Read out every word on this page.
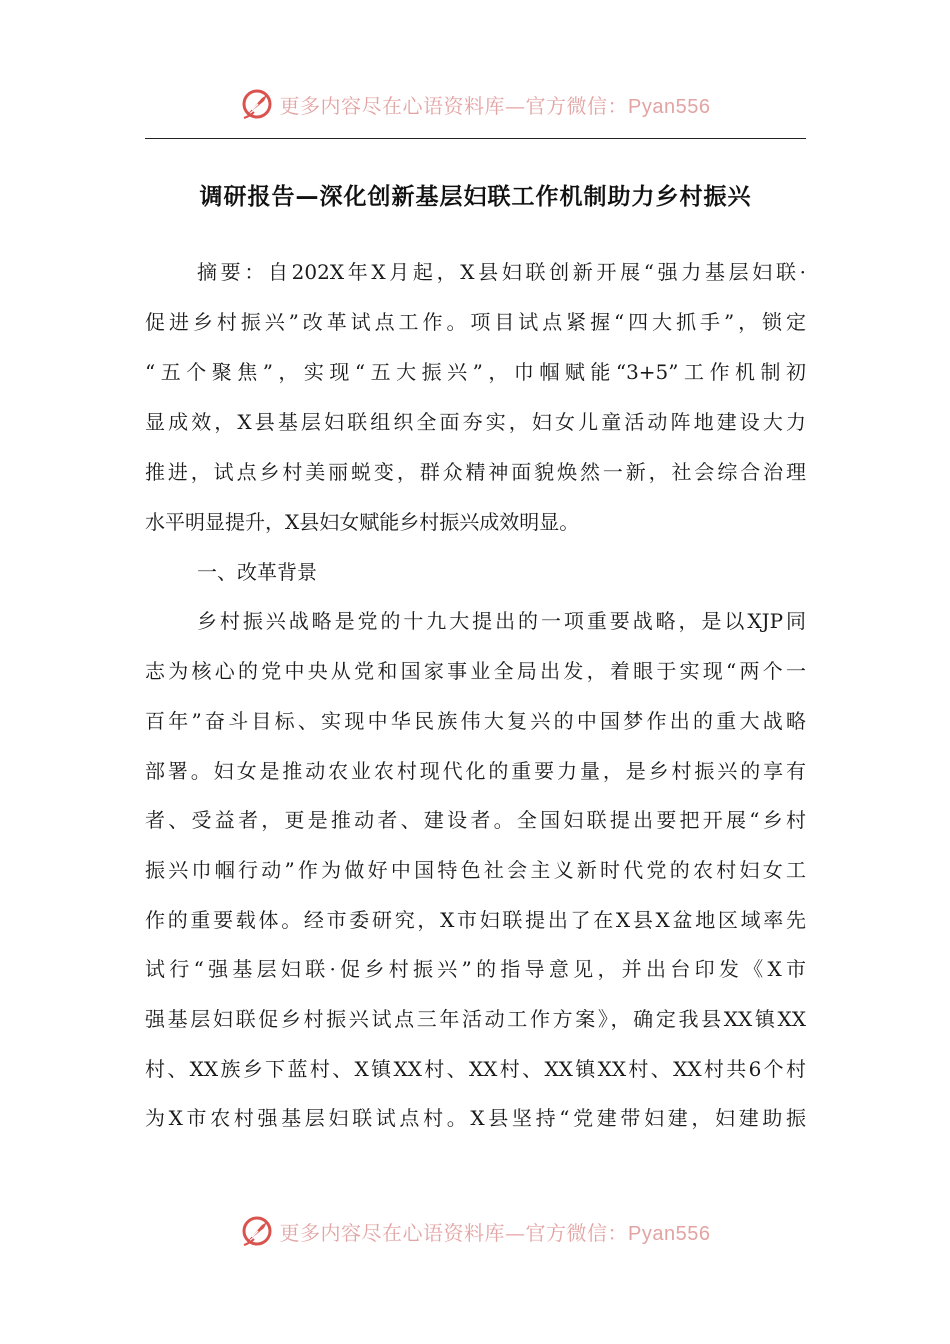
更多内容尽在心语资料库—官方微信：Pyan556
调研报告—深化创新基层妇联工作机制助力乡村振兴
摘要：自202X年X月起，X县妇联创新开展“强力基层妇联·
促进乡村振兴”改革试点工作。项目试点紧握“四大抓手”，锁定
“五个聚焦”，实现“五大振兴”，巾帼赋能“3+5”工作机制初
显成效，X县基层妇联组织全面夯实，妇女儿童活动阵地建设大力
推进，试点乡村美丽蜕变，群众精神面貌焕然一新，社会综合治理
水平明显提升，X县妇女赋能乡村振兴成效明显。
一、改革背景
乡村振兴战略是党的十九大提出的一项重要战略，是以XJP同
志为核心的党中央从党和国家事业全局出发，着眼于实现“两个一
百年”奋斗目标、实现中华民族伟大复兴的中国梦作出的重大战略
部署。妇女是推动农业农村现代化的重要力量，是乡村振兴的享有
者、受益者，更是推动者、建设者。全国妇联提出要把开展“乡村
振兴巾帼行动”作为做好中国特色社会主义新时代党的农村妇女工
作的重要载体。经市委研究，X市妇联提出了在X县X盆地区域率先
试行“强基层妇联·促乡村振兴”的指导意见，并出台印发《X市
强基层妇联促乡村振兴试点三年活动工作方案》，确定我县XX镇XX
村、XX族乡下蓝村、X镇XX村、XX村、XX镇XX村、XX村共6个村
为X市农村强基层妇联试点村。X县坚持“党建带妇建，妇建助振
更多内容尽在心语资料库—官方微信：Pyan556
